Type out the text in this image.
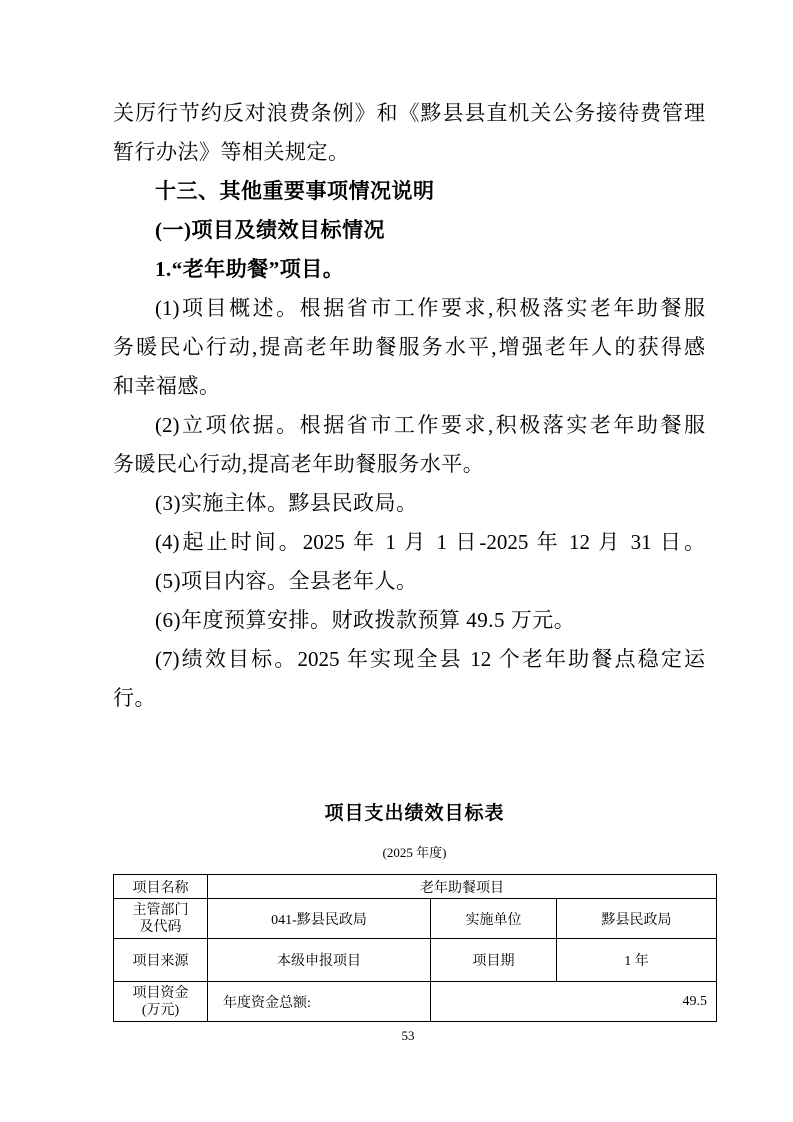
关厉行节约反对浪费条例》和《黟县县直机关公务接待费管理
暂行办法》等相关规定。
十三、其他重要事项情况说明
(一)项目及绩效目标情况
1.“老年助餐”项目。
(1)项目概述。根据省市工作要求,积极落实老年助餐服
务暖民心行动,提高老年助餐服务水平,增强老年人的获得感
和幸福感。
(2)立项依据。根据省市工作要求,积极落实老年助餐服
务暖民心行动,提高老年助餐服务水平。
(3)实施主体。黟县民政局。
(4)起止时间。2025 年 1 月 1 日-2025 年 12 月 31 日。
(5)项目内容。全县老年人。
(6)年度预算安排。财政拨款预算 49.5 万元。
(7)绩效目标。2025 年实现全县 12 个老年助餐点稳定运
行。
项目支出绩效目标表
(2025 年度)
项目名称	老年助餐项目		

主管部门
及代码	041-黟县民政局	实施单位	黟县民政局
项目来源	本级申报项目	项目期	1 年

项目资金
(万元)	年度资金总额:	49.5	
53
